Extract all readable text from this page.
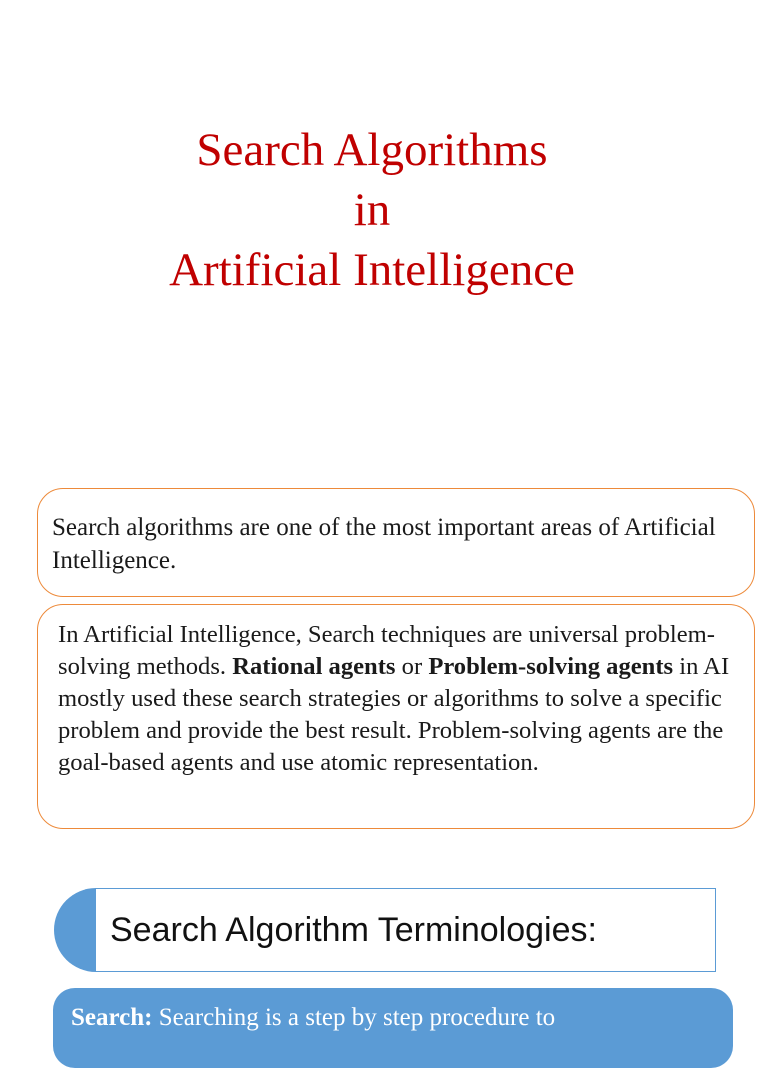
Search Algorithms
in
Artificial Intelligence
Search algorithms are one of the most important areas of Artificial Intelligence.
In Artificial Intelligence, Search techniques are universal problem-solving methods. Rational agents or Problem-solving agents in AI mostly used these search strategies or algorithms to solve a specific problem and provide the best result. Problem-solving agents are the goal-based agents and use atomic representation.
Search Algorithm Terminologies:
Search: Searching is a step by step procedure to
